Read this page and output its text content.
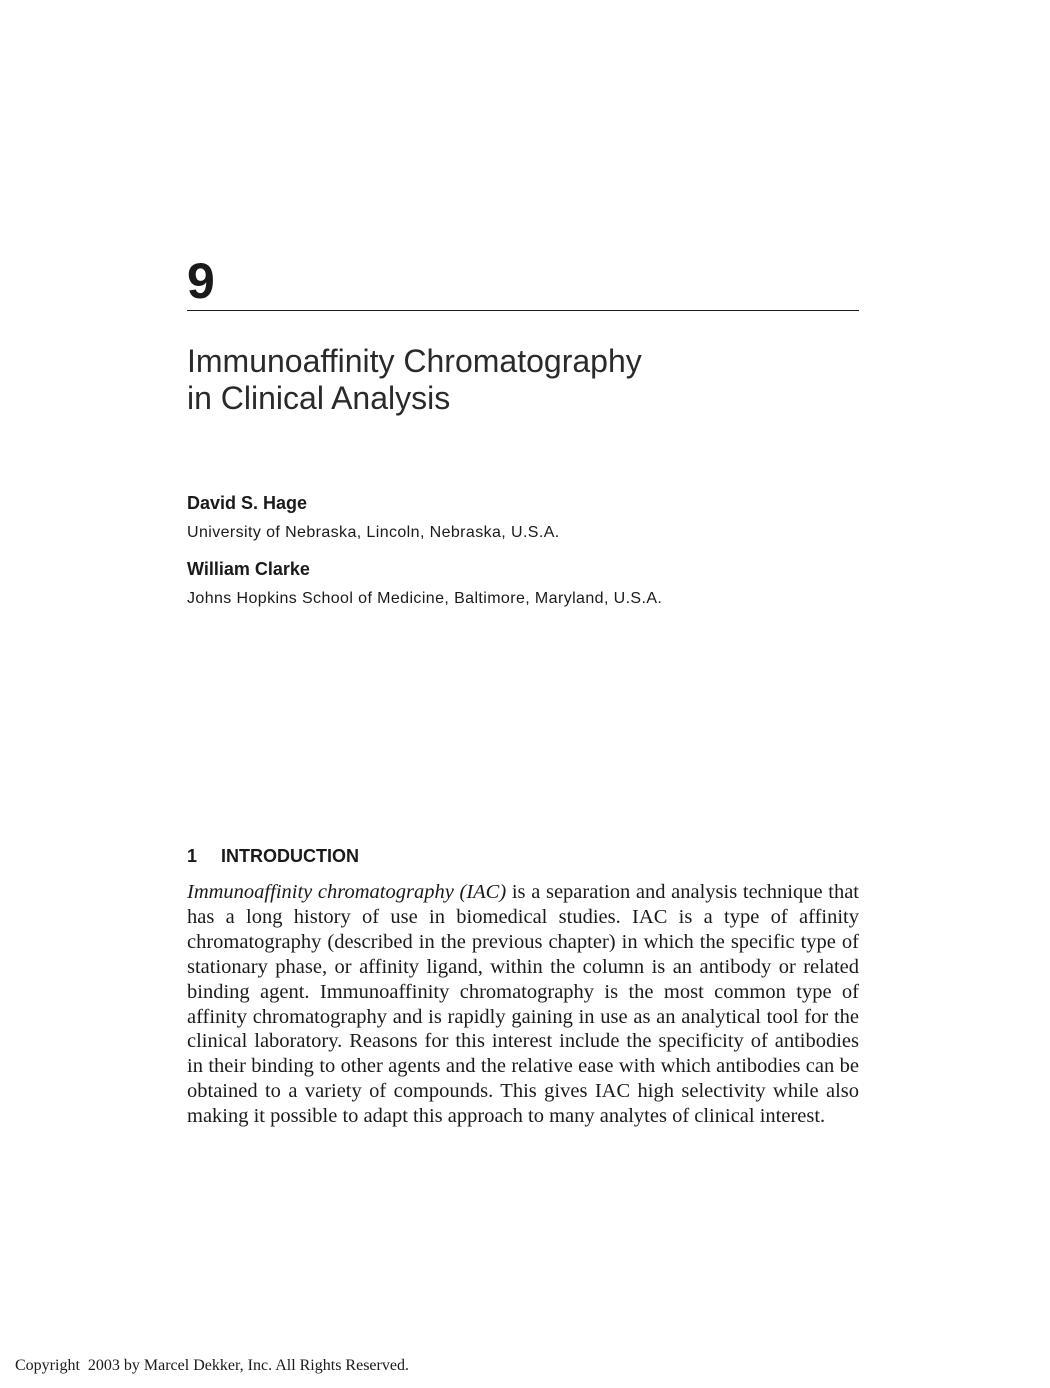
9
Immunoaffinity Chromatography
in Clinical Analysis

David S. Hage

University of Nebraska, Lincoln, Nebraska, U.S.A.

William Clarke

Johns Hopkins School of Medicine, Baltimore, Maryland, U.S.A.

1 INTRODUCTION

Immunoaffinity chromatography (IAC) is a separation and analysis technique that has a long history of use in biomedical studies. IAC is a type of affinity chromatography (described in the previous chapter) in which the specific type of stationary phase, or affinity ligand, within the column is an antibody or related binding agent. Immunoaffinity chromatography is the most common type of affinity chromatography and is rapidly gaining in use as an analytical tool for the clinical laboratory. Reasons for this interest include the specificity of antibodies in their binding to other agents and the relative ease with which antibodies can be obtained to a variety of compounds. This gives IAC high selectivity while also making it possible to adapt this approach to many analytes of clinical interest.

Copyright  2003 by Marcel Dekker, Inc. All Rights Reserved.
